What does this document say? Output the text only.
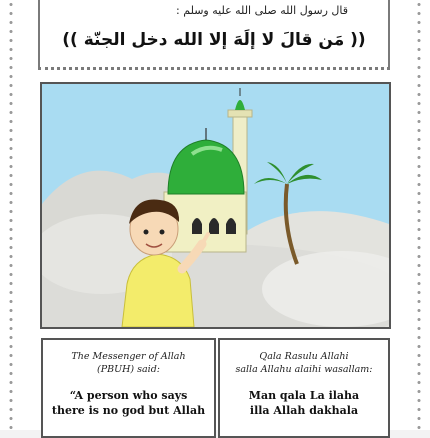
قال رسول الله صلى الله عليه وسلم :
(( مَن قالَ لا إلَهَ إلا الله دخل الجنّة ))
The Messenger of Allah
(PBUH) said:
“A person who says
there is no god but Allah
Qala Rasulu Allahi
salla Allahu alaihi wasallam:
Man qala La ilaha
illa Allah dakhala
